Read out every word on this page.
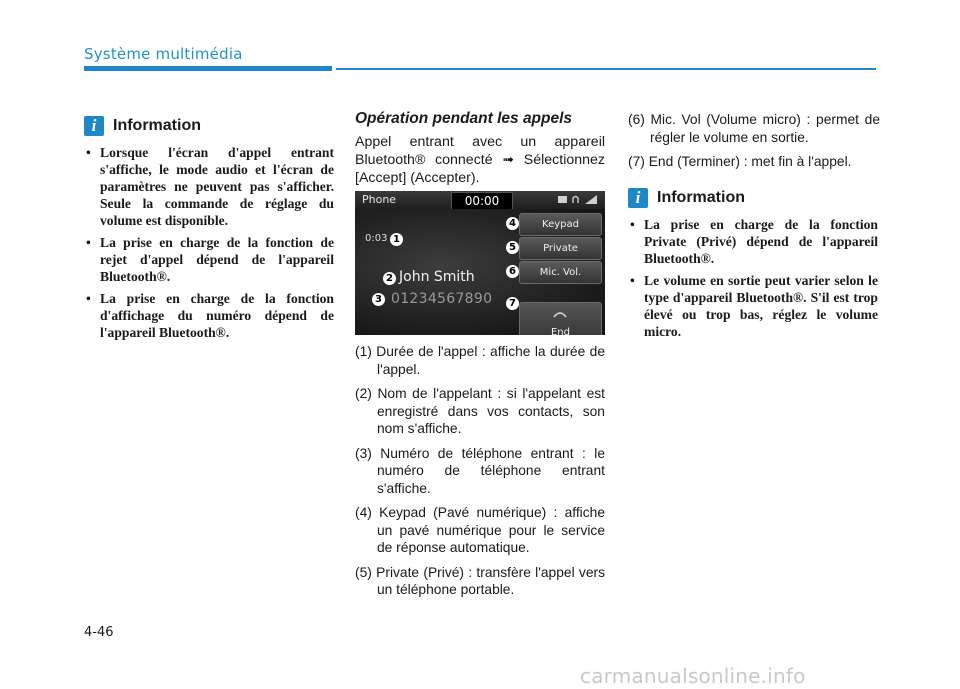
Système multimédia
i	Information
• Lorsque l'écran d'appel entrant s'affiche, le mode audio et l'écran de paramètres ne peuvent pas s'afficher. Seule la commande de réglage du volume est disponible.
• La prise en charge de la fonction de rejet d'appel dépend de l'appareil Bluetooth®.
• La prise en charge de la fonction d'affichage du numéro dépend de l'appareil Bluetooth®.
Opération pendant les appels
Appel entrant avec un appareil Bluetooth® connecté ➟ Sélectionnez [Accept] (Accepter).
Phone	00:00
0:03
John Smith
01234567890
Keypad
Private
Mic. Vol.
End
1
2
3
4
5
6
7
(1) Durée de l'appel : affiche la durée de l'appel.
(2) Nom de l'appelant : si l'appelant est enregistré dans vos contacts, son nom s'affiche.
(3) Numéro de téléphone entrant : le numéro de téléphone entrant s'affiche.
(4) Keypad (Pavé numérique) : affiche un pavé numérique pour le service de réponse automatique.
(5) Private (Privé) : transfère l'appel vers un téléphone portable.
(6) Mic. Vol (Volume micro) : permet de régler le volume en sortie.
(7) End (Terminer) : met fin à l'appel.
i	Information
• La prise en charge de la fonction Private (Privé) dépend de l'appareil Bluetooth®.
• Le volume en sortie peut varier selon le type d'appareil Bluetooth®. S'il est trop élevé ou trop bas, réglez le volume micro.
4-46
carmanualsonline.info
